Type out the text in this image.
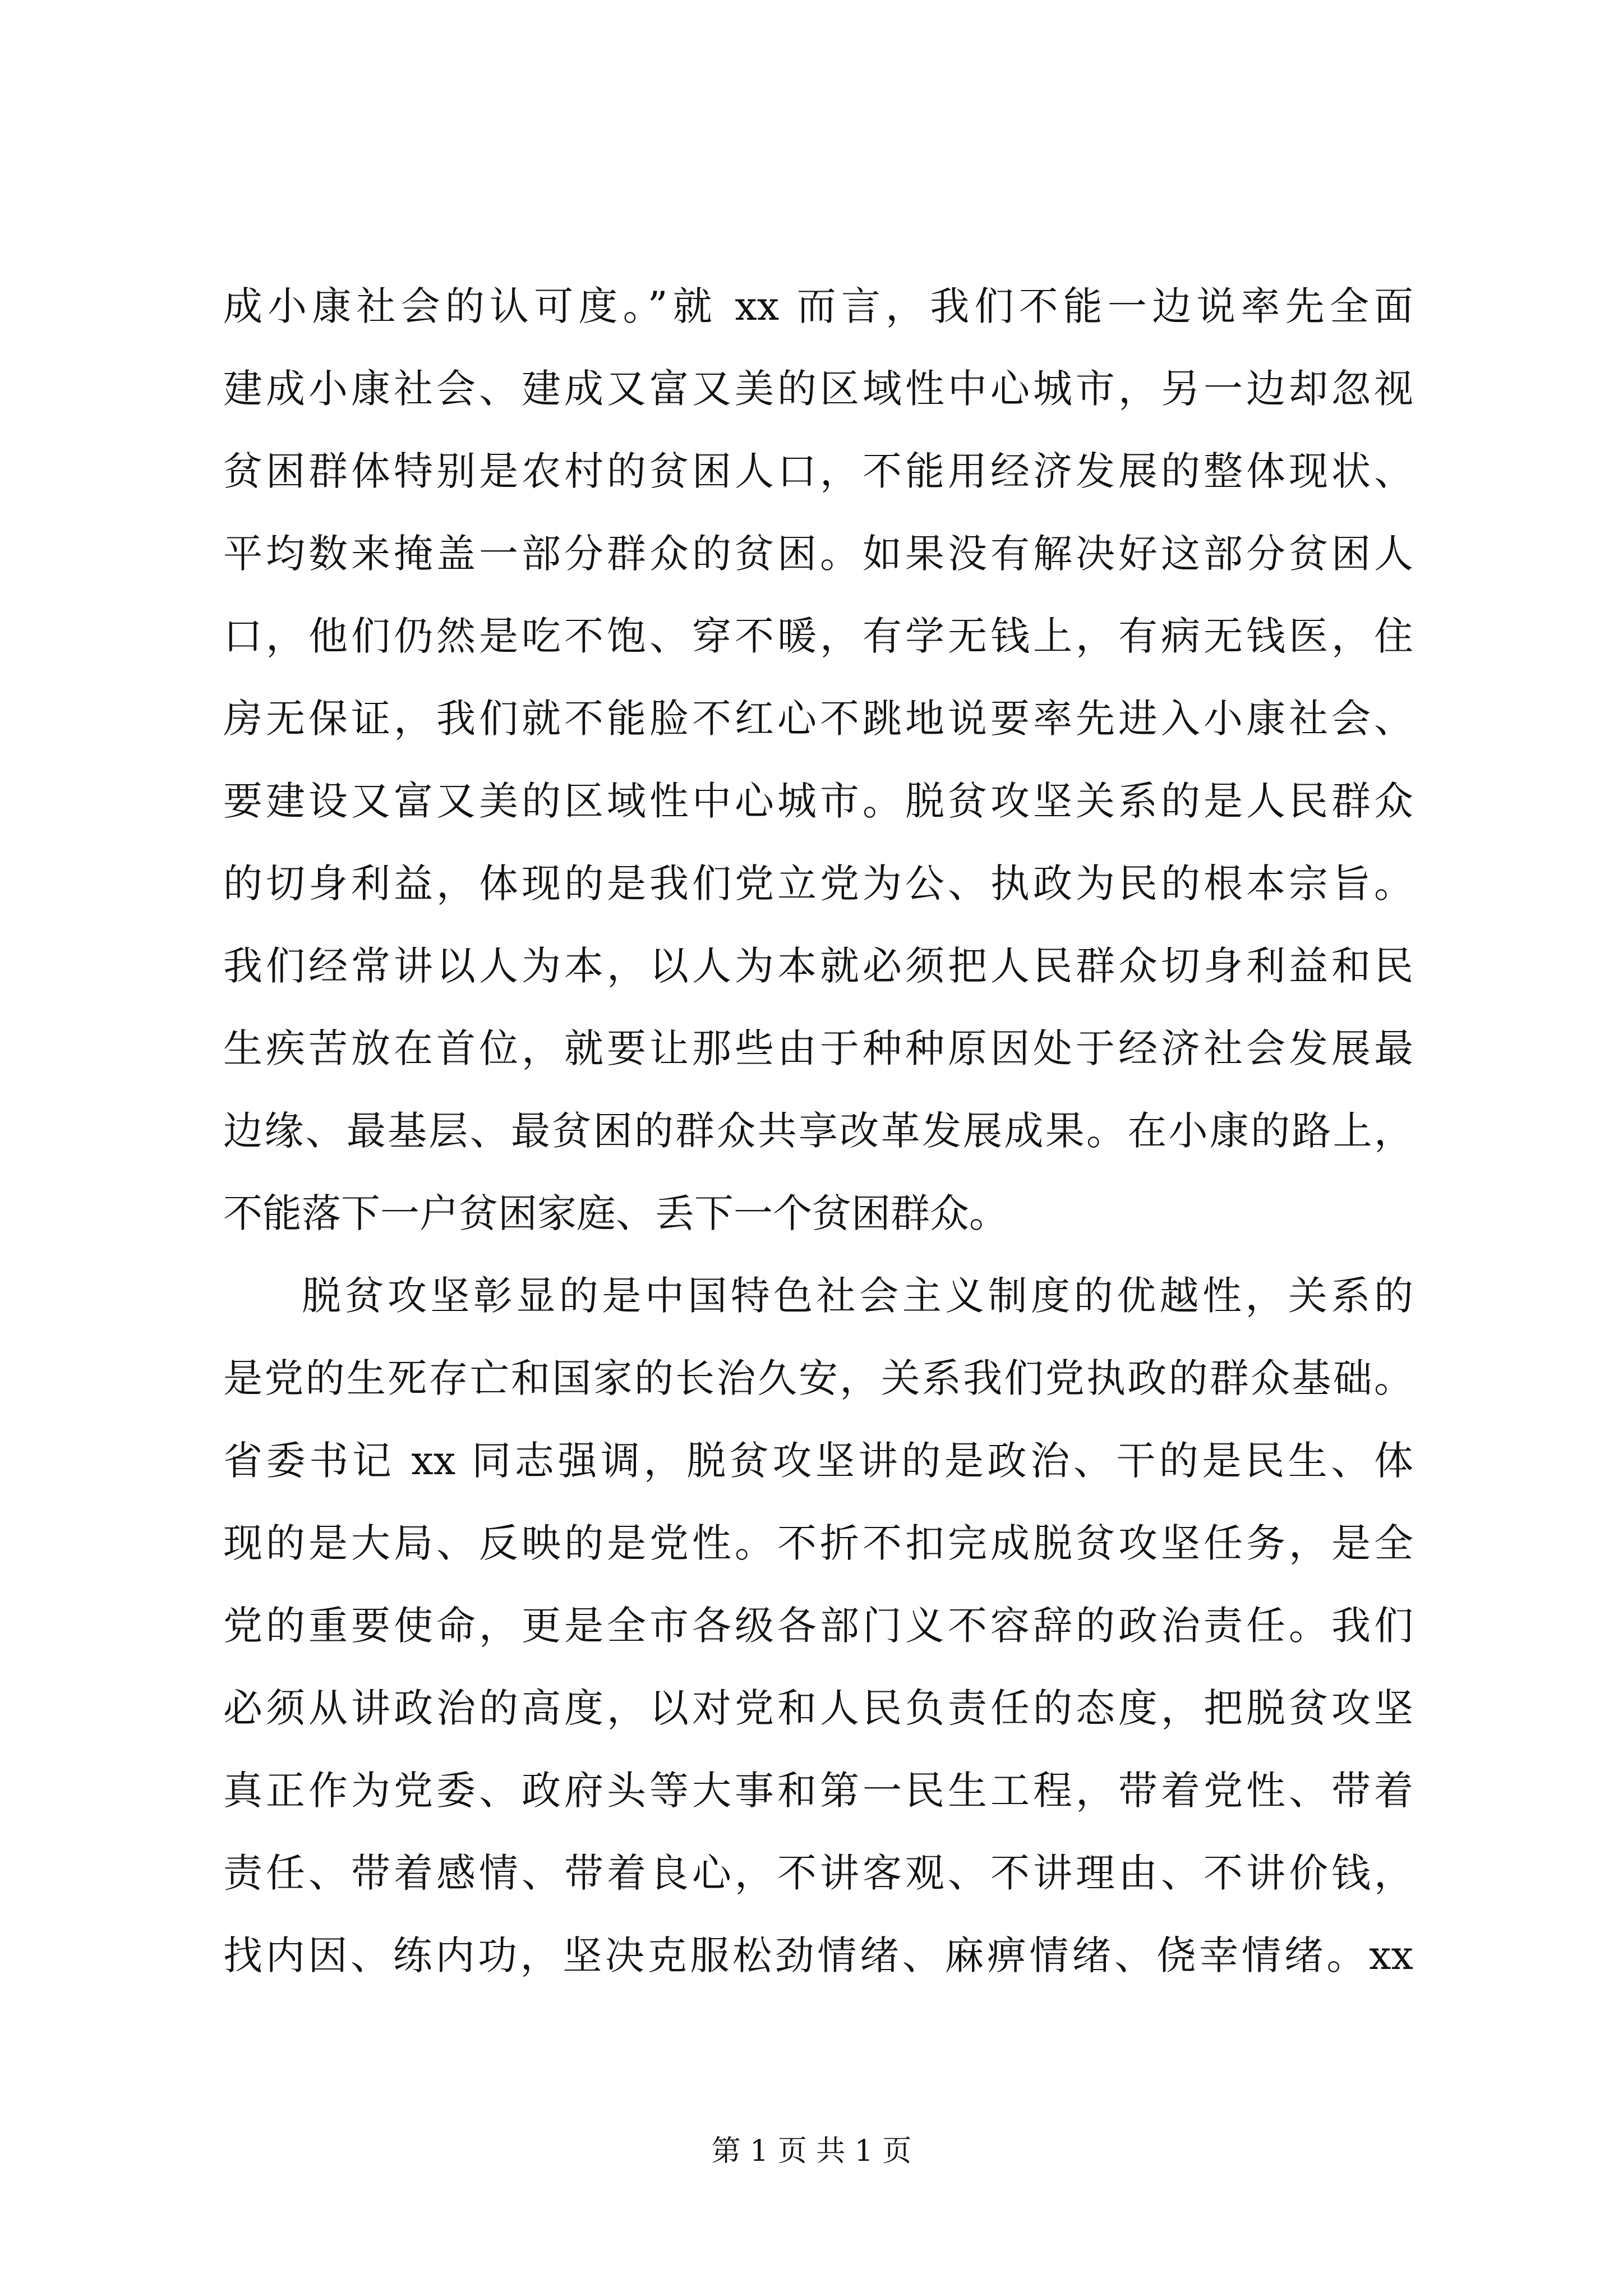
成小康社会的认可度。”就 xx 而言，我们不能一边说率先全面
建成小康社会、建成又富又美的区域性中心城市，另一边却忽视
贫困群体特别是农村的贫困人口，不能用经济发展的整体现状、
平均数来掩盖一部分群众的贫困。如果没有解决好这部分贫困人
口，他们仍然是吃不饱、穿不暖，有学无钱上，有病无钱医，住
房无保证，我们就不能脸不红心不跳地说要率先进入小康社会、
要建设又富又美的区域性中心城市。脱贫攻坚关系的是人民群众
的切身利益，体现的是我们党立党为公、执政为民的根本宗旨。
我们经常讲以人为本，以人为本就必须把人民群众切身利益和民
生疾苦放在首位，就要让那些由于种种原因处于经济社会发展最
边缘、最基层、最贫困的群众共享改革发展成果。在小康的路上，
不能落下一户贫困家庭、丢下一个贫困群众。
脱贫攻坚彰显的是中国特色社会主义制度的优越性，关系的
是党的生死存亡和国家的长治久安，关系我们党执政的群众基础。
省委书记 xx 同志强调，脱贫攻坚讲的是政治、干的是民生、体
现的是大局、反映的是党性。不折不扣完成脱贫攻坚任务，是全
党的重要使命，更是全市各级各部门义不容辞的政治责任。我们
必须从讲政治的高度，以对党和人民负责任的态度，把脱贫攻坚
真正作为党委、政府头等大事和第一民生工程，带着党性、带着
责任、带着感情、带着良心，不讲客观、不讲理由、不讲价钱，
找内因、练内功，坚决克服松劲情绪、麻痹情绪、侥幸情绪。xx
第 1 页 共 1 页
